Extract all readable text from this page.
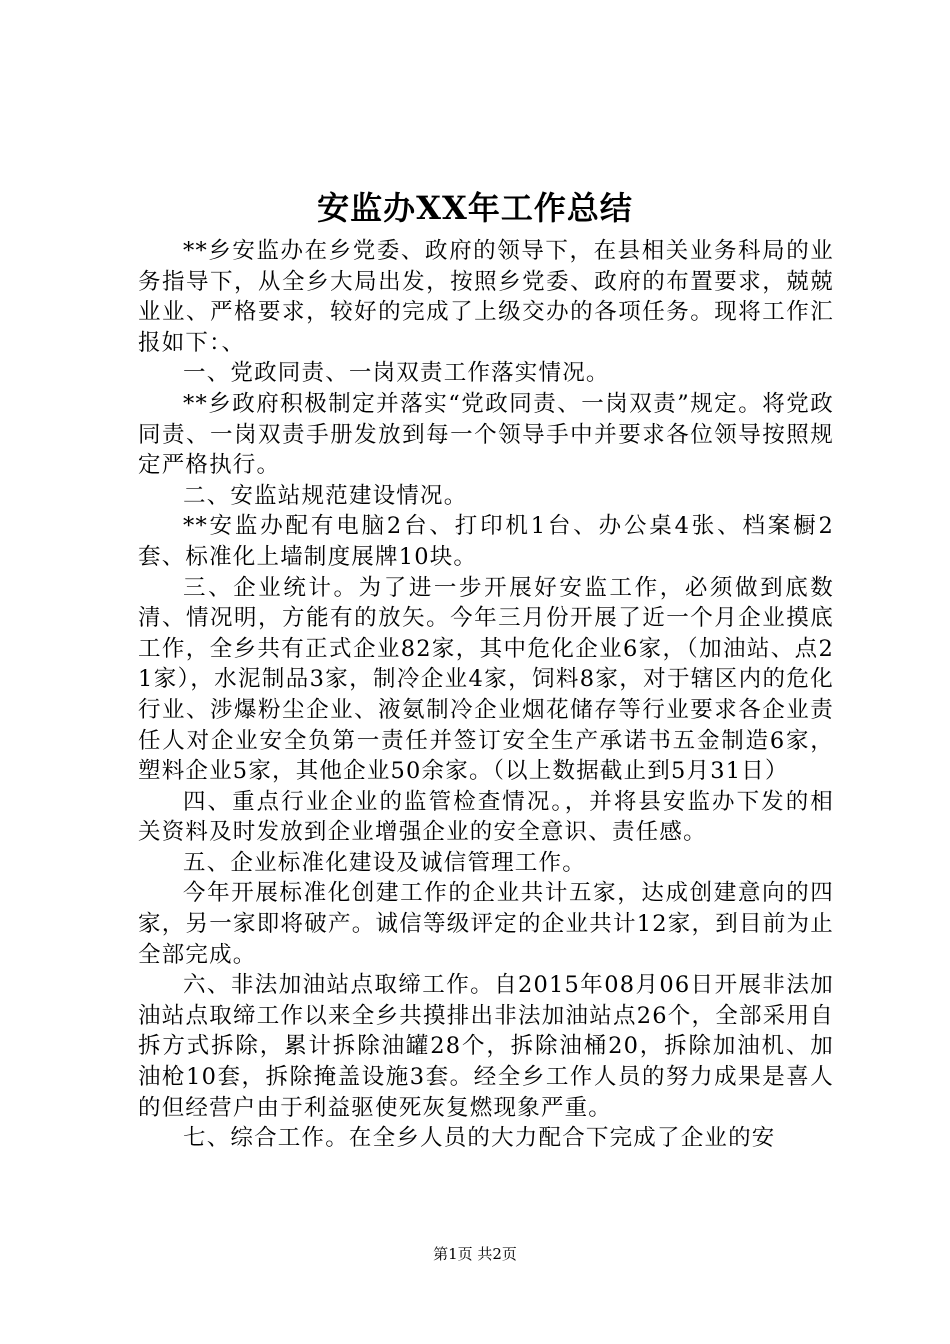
安监办XX年工作总结

**乡安监办在乡党委、政府的领导下，在县相关业务科局的业务指导下，从全乡大局出发，按照乡党委、政府的布置要求，兢兢业业、严格要求，较好的完成了上级交办的各项任务。现将工作汇报如下：、

一、党政同责、一岗双责工作落实情况。

**乡政府积极制定并落实“党政同责、一岗双责”规定。将党政同责、一岗双责手册发放到每一个领导手中并要求各位领导按照规定严格执行。

二、安监站规范建设情况。

**安监办配有电脑2台、打印机1台、办公桌4张、档案橱2套、标准化上墙制度展牌10块。

三、企业统计。为了进一步开展好安监工作，必须做到底数清、情况明，方能有的放矢。今年三月份开展了近一个月企业摸底工作，全乡共有正式企业82家，其中危化企业6家，（加油站、点21家），水泥制品3家，制冷企业4家，饲料8家，对于辖区内的危化行业、涉爆粉尘企业、液氨制冷企业烟花储存等行业要求各企业责任人对企业安全负第一责任并签订安全生产承诺书五金制造6家，塑料企业5家，其他企业50余家。（以上数据截止到5月31日）

四、重点行业企业的监管检查情况。，并将县安监办下发的相关资料及时发放到企业增强企业的安全意识、责任感。

五、企业标准化建设及诚信管理工作。

今年开展标准化创建工作的企业共计五家，达成创建意向的四家，另一家即将破产。诚信等级评定的企业共计12家，到目前为止全部完成。

六、非法加油站点取缔工作。自2015年08月06日开展非法加油站点取缔工作以来全乡共摸排出非法加油站点26个，全部采用自拆方式拆除，累计拆除油罐28个，拆除油桶20，拆除加油机、加油枪10套，拆除掩盖设施3套。经全乡工作人员的努力成果是喜人的但经营户由于利益驱使死灰复燃现象严重。

七、综合工作。在全乡人员的大力配合下完成了企业的安

第1页 共2页
